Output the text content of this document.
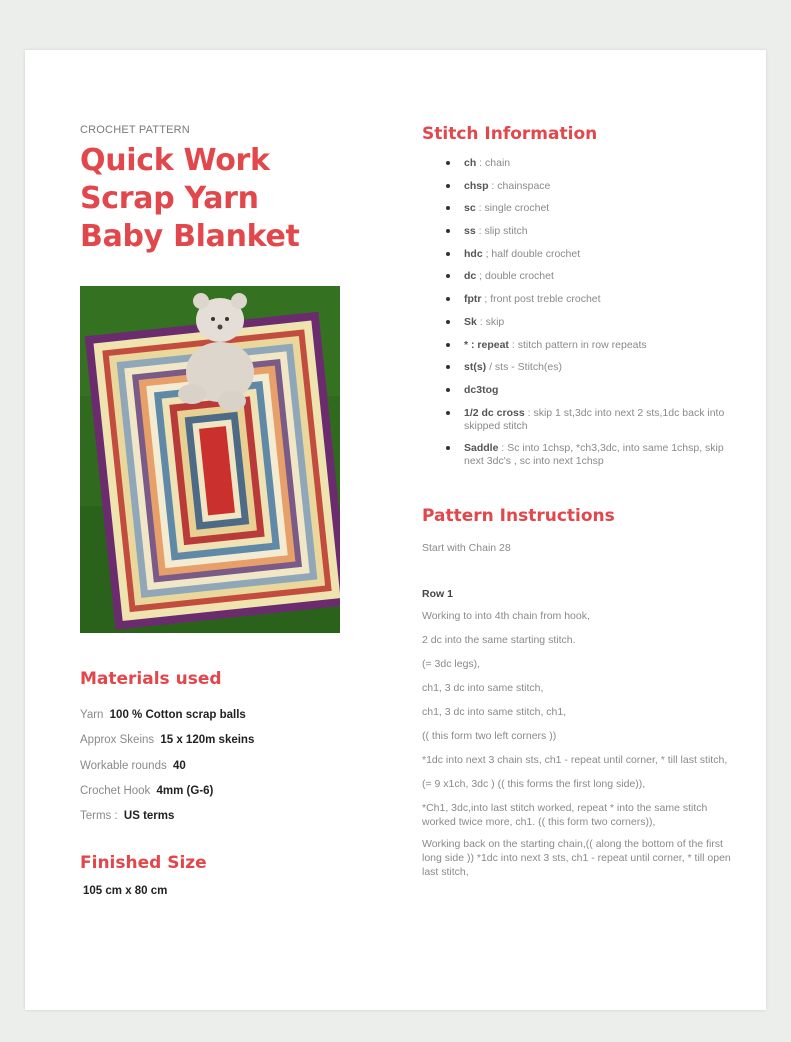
CROCHET PATTERN
Quick Work
Scrap Yarn
Baby Blanket
Materials used
Yarn 100 % Cotton scrap balls
Approx Skeins 15 x 120m skeins
Workable rounds 40
Crochet Hook 4mm (G-6)
Terms : US terms
Finished Size
105 cm x 80 cm
Stitch Information
ch : chain
chsp : chainspace
sc : single crochet
ss : slip stitch
hdc ; half double crochet
dc ; double crochet
fptr ; front post treble crochet
Sk : skip
* : repeat : stitch pattern in row repeats
st(s) / sts - Stitch(es)
dc3tog
1/2 dc cross : skip 1 st,3dc into next 2 sts,1dc back into skipped stitch
Saddle : Sc into 1chsp, *ch3,3dc, into same 1chsp, skip next 3dc's , sc into next 1chsp
Pattern Instructions
Start with Chain 28
Row 1
Working to into 4th chain from hook,
2 dc into the same starting stitch.
(= 3dc legs),
ch1, 3 dc into same stitch,
ch1, 3 dc into same stitch, ch1,
(( this form two left corners ))
*1dc into next 3 chain sts, ch1 - repeat until corner, * till last stitch,
(= 9 x1ch, 3dc ) (( this forms the first long side)),
*Ch1, 3dc,into last stitch worked, repeat * into the same stitch worked twice more, ch1. (( this form two corners)),
Working back on the starting chain,(( along the bottom of the first long side )) *1dc into next 3 sts, ch1 - repeat until corner, * till open last stitch,
